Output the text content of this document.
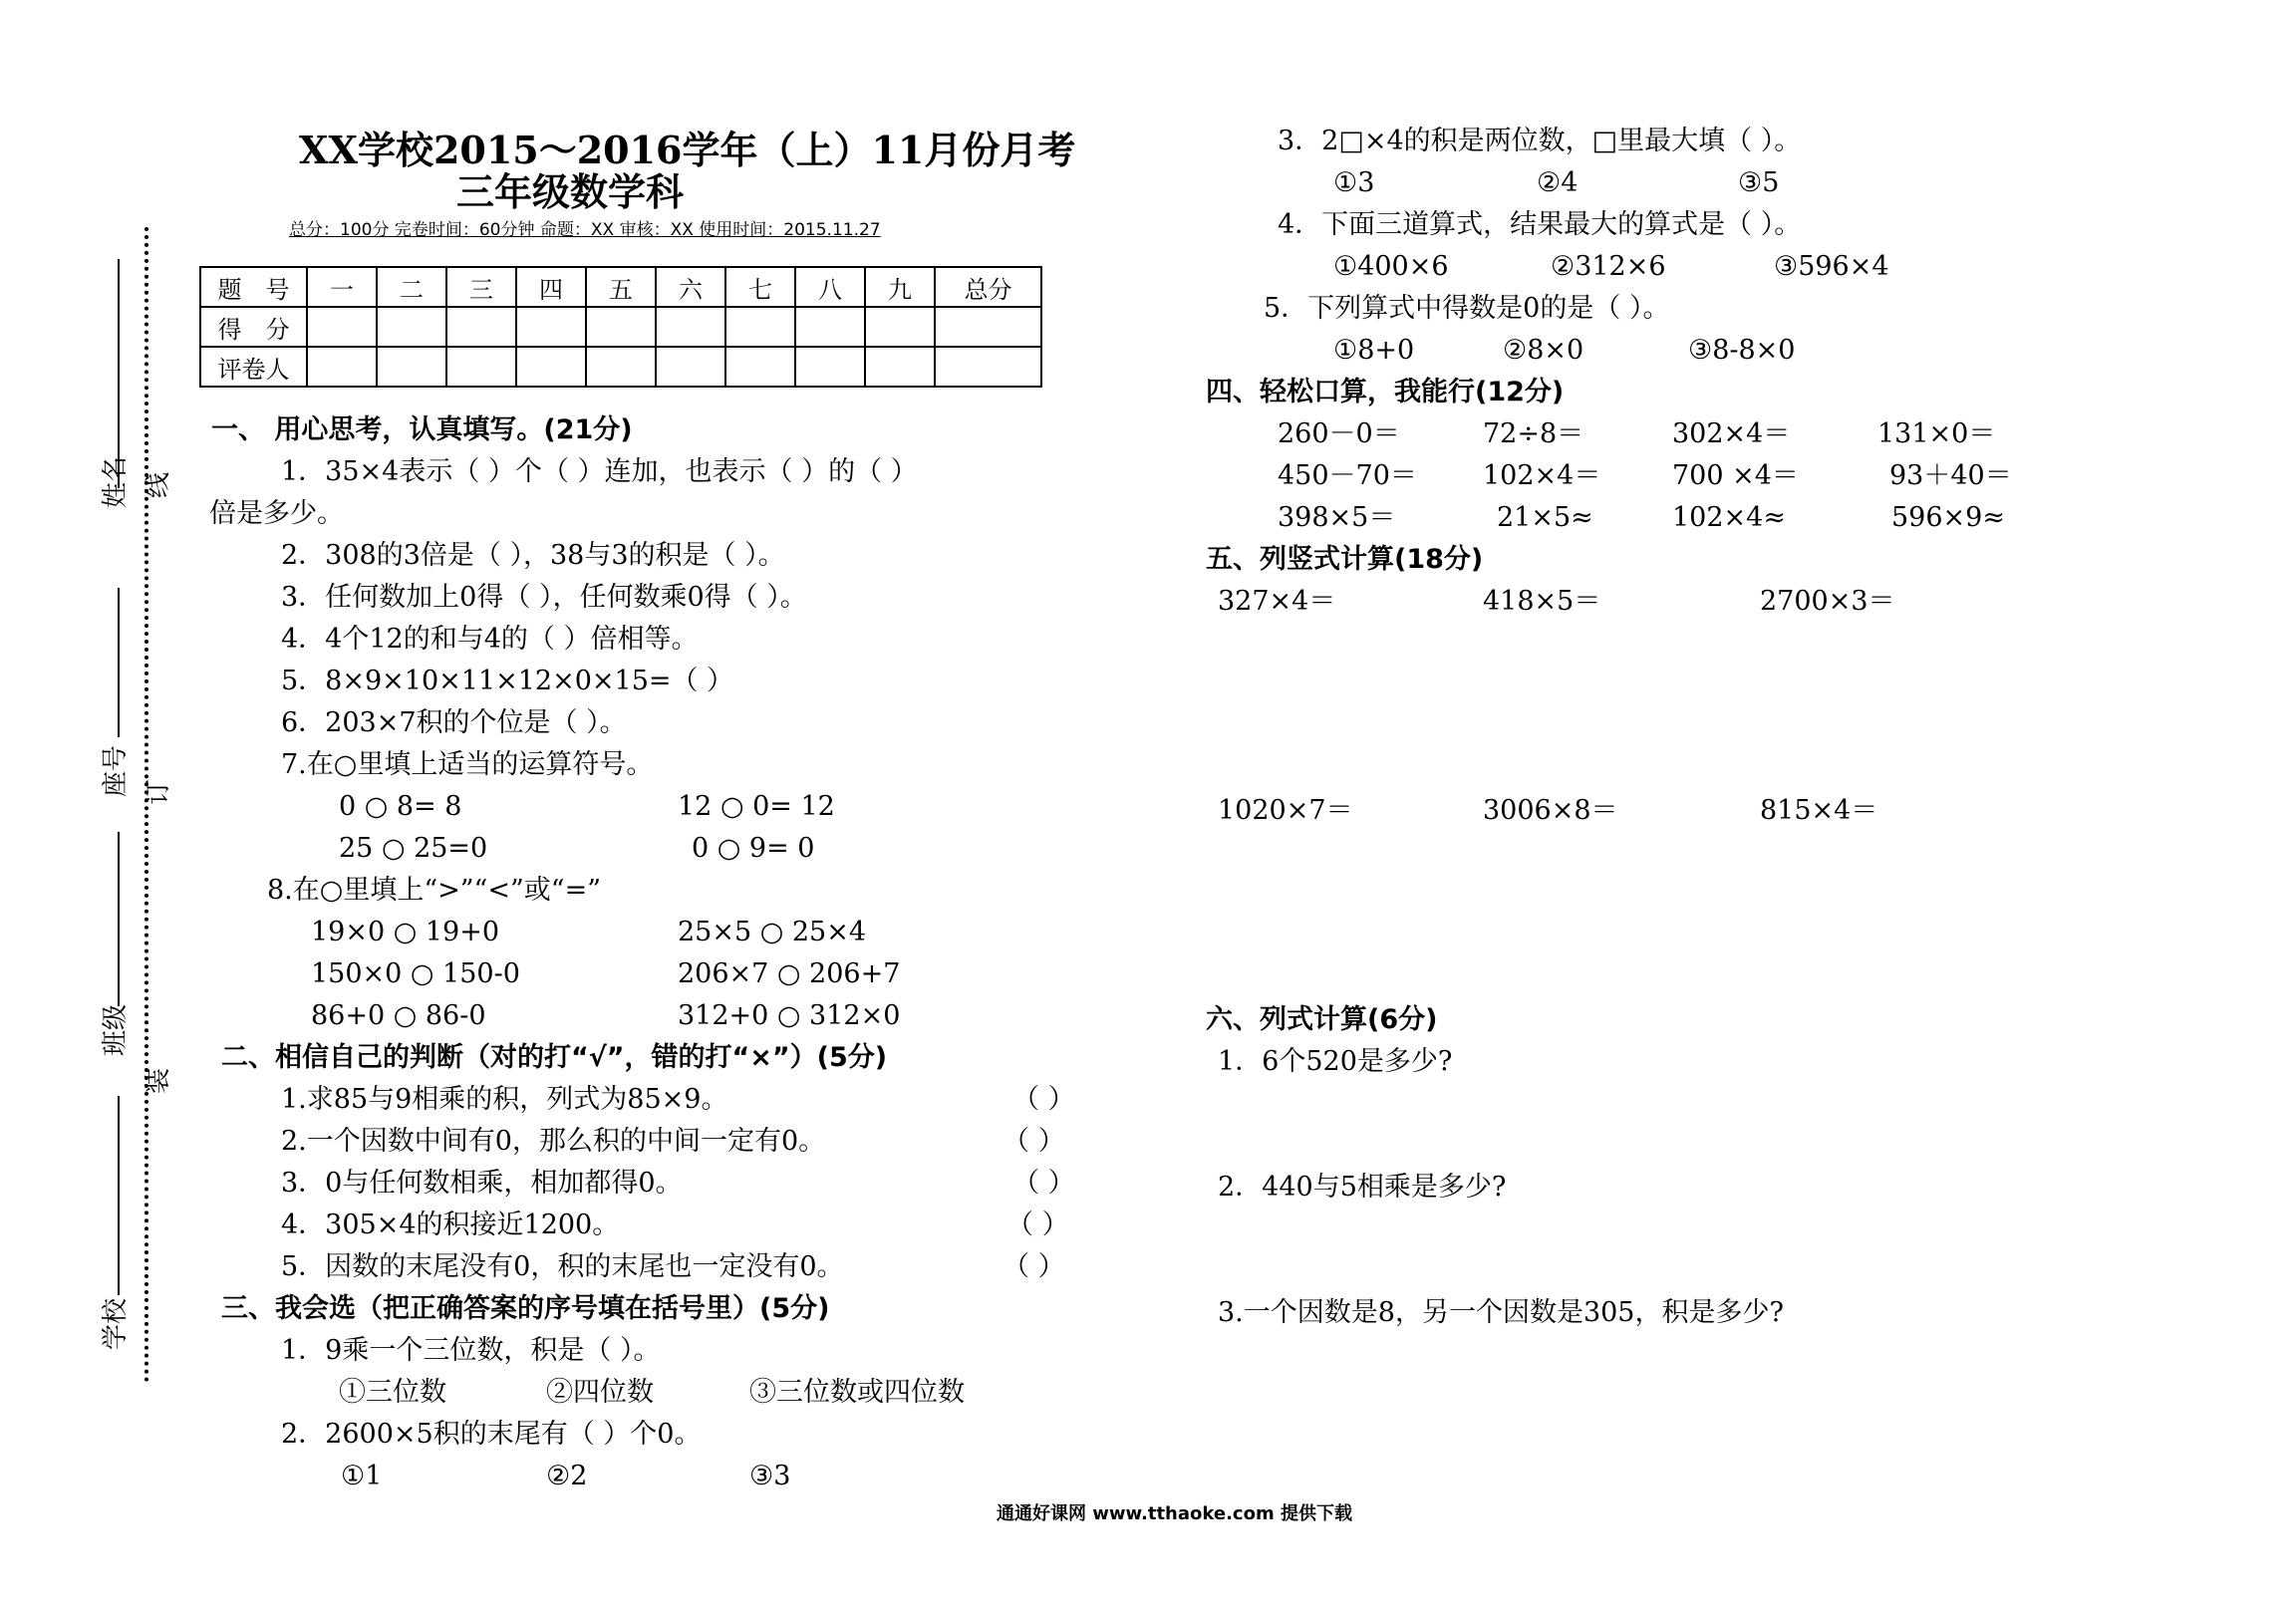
姓名 线
座号 订
班级
装
学校
XX学校2015～2016学年（上）11月份月考
三年级数学科
总分：100分 完卷时间：60分钟 命题：XX 审核：XX 使用时间：2015.11.27
题　号	一	二	三	四	五	六	七	八	九	总分
得　分										
评卷人										
一、 用心思考，认真填写。(21分)
1．35×4表示（ ）个（ ）连加，也表示（ ）的（ ）
倍是多少。
2．308的3倍是（ ），38与3的积是（ ）。
3．任何数加上0得（ ），任何数乘0得（ ）。
4．4个12的和与4的（ ）倍相等。
5．8×9×10×11×12×0×15=（ ）
6．203×7积的个位是（ ）。
7.在○里填上适当的运算符号。
0 ○ 8= 8	12 ○ 0= 12
25 ○ 25=0	0 ○ 9= 0
8.在○里填上“>”“<”或“=”
19×0 ○ 19+0	25×5 ○ 25×4
150×0 ○ 150-0	206×7 ○ 206+7
86+0 ○ 86-0	312+0 ○ 312×0
二、相信自己的判断（对的打“√”，错的打“×”）(5分)
1.求85与9相乘的积，列式为85×9。	（ ）
2.一个因数中间有0，那么积的中间一定有0。	（ ）
3．0与任何数相乘，相加都得0。	（ ）
4．305×4的积接近1200。	（ ）
5．因数的末尾没有0，积的末尾也一定没有0。	（ ）
三、我会选（把正确答案的序号填在括号里）(5分)
1．9乘一个三位数，积是（ ）。
①三位数	②四位数	③三位数或四位数
2．2600×5积的末尾有（ ）个0。
①1	②2	③3
3．2□×4的积是两位数，□里最大填（ ）。
①3	②4	③5
4．下面三道算式，结果最大的算式是（ ）。
①400×6	②312×6	③596×4
5．下列算式中得数是0的是（ ）。
①8+0	②8×0	③8-8×0
四、轻松口算，我能行(12分)
260－0＝	72÷8＝	302×4＝	131×0＝
450－70＝ 102×4＝	700 ×4＝	93＋40＝
398×5＝	21×5≈	102×4≈	596×9≈
五、列竖式计算(18分)
327×4＝	418×5＝	2700×3＝
1020×7＝	3006×8＝	815×4＝
六、列式计算(6分)
1．6个520是多少?
2．440与5相乘是多少?
3.一个因数是8，另一个因数是305，积是多少?
通通好课网 www.tthaoke.com 提供下载
